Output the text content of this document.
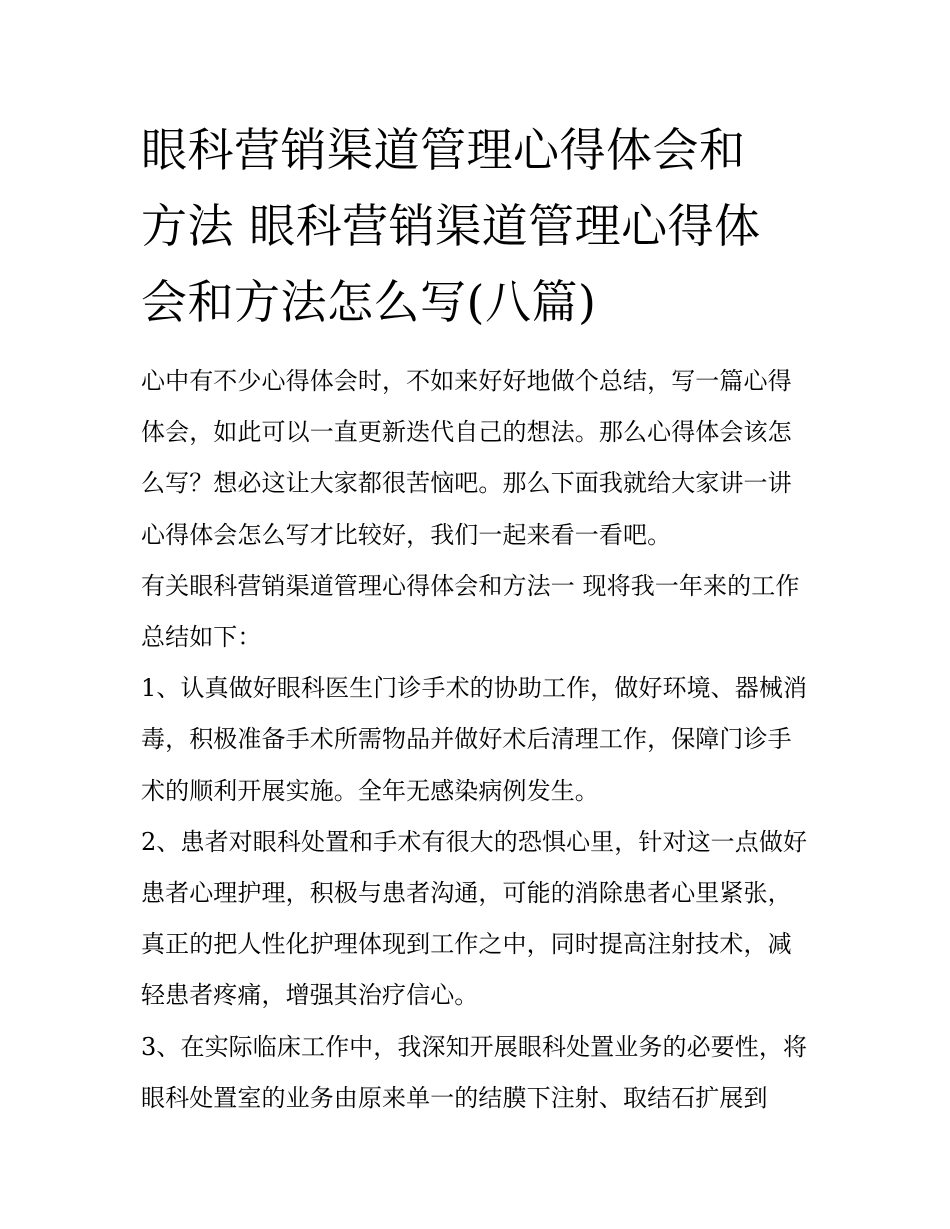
眼科营销渠道管理心得体会和
方法 眼科营销渠道管理心得体
会和方法怎么写(八篇)

心中有不少心得体会时，不如来好好地做个总结，写一篇心得体会，如此可以一直更新迭代自己的想法。那么心得体会该怎么写？想必这让大家都很苦恼吧。那么下面我就给大家讲一讲心得体会怎么写才比较好，我们一起来看一看吧。

有关眼科营销渠道管理心得体会和方法一 现将我一年来的工作总结如下：

1、认真做好眼科医生门诊手术的协助工作，做好环境、器械消毒，积极准备手术所需物品并做好术后清理工作，保障门诊手术的顺利开展实施。全年无感染病例发生。

2、患者对眼科处置和手术有很大的恐惧心里，针对这一点做好患者心理护理，积极与患者沟通，可能的消除患者心里紧张，真正的把人性化护理体现到工作之中，同时提高注射技术，减轻患者疼痛，增强其治疗信心。

3、在实际临床工作中，我深知开展眼科处置业务的必要性，将眼科处置室的业务由原来单一的结膜下注射、取结石扩展到
